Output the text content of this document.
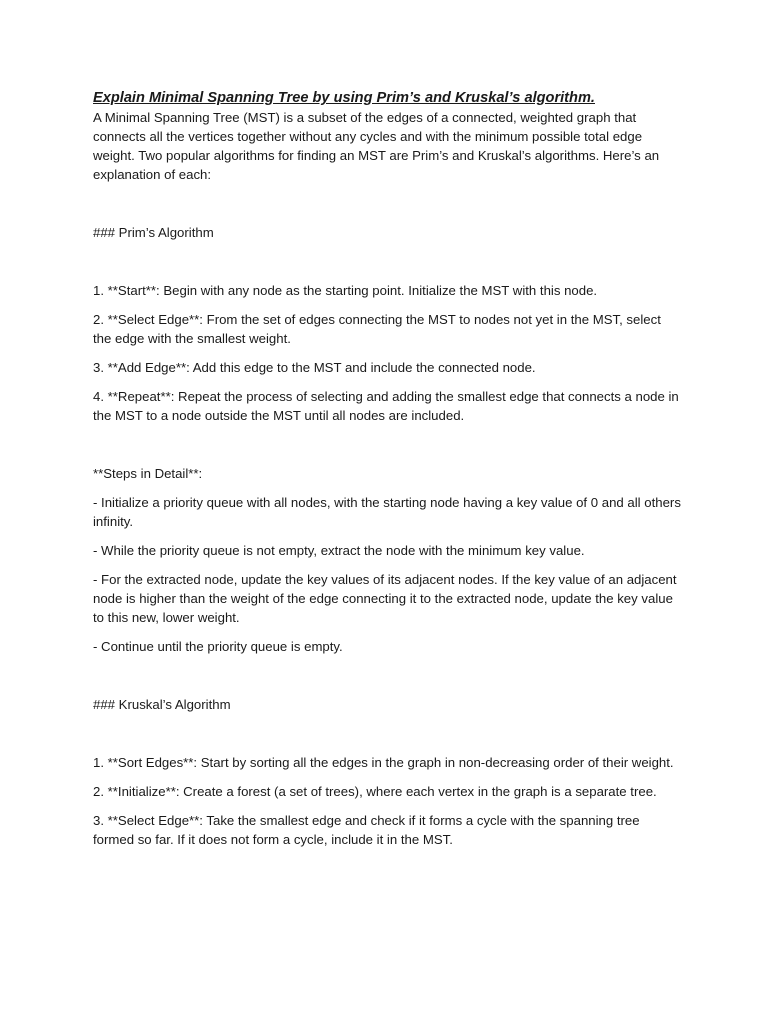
Explain Minimal Spanning Tree by using Prim’s and Kruskal’s algorithm.

A Minimal Spanning Tree (MST) is a subset of the edges of a connected, weighted graph that connects all the vertices together without any cycles and with the minimum possible total edge weight. Two popular algorithms for finding an MST are Prim’s and Kruskal’s algorithms. Here’s an explanation of each:

### Prim’s Algorithm

1. **Start**: Begin with any node as the starting point. Initialize the MST with this node.

2. **Select Edge**: From the set of edges connecting the MST to nodes not yet in the MST, select the edge with the smallest weight.

3. **Add Edge**: Add this edge to the MST and include the connected node.

4. **Repeat**: Repeat the process of selecting and adding the smallest edge that connects a node in the MST to a node outside the MST until all nodes are included.

**Steps in Detail**:

- Initialize a priority queue with all nodes, with the starting node having a key value of 0 and all others infinity.

- While the priority queue is not empty, extract the node with the minimum key value.

- For the extracted node, update the key values of its adjacent nodes. If the key value of an adjacent node is higher than the weight of the edge connecting it to the extracted node, update the key value to this new, lower weight.

- Continue until the priority queue is empty.

### Kruskal’s Algorithm

1. **Sort Edges**: Start by sorting all the edges in the graph in non-decreasing order of their weight.

2. **Initialize**: Create a forest (a set of trees), where each vertex in the graph is a separate tree.

3. **Select Edge**: Take the smallest edge and check if it forms a cycle with the spanning tree formed so far. If it does not form a cycle, include it in the MST.
